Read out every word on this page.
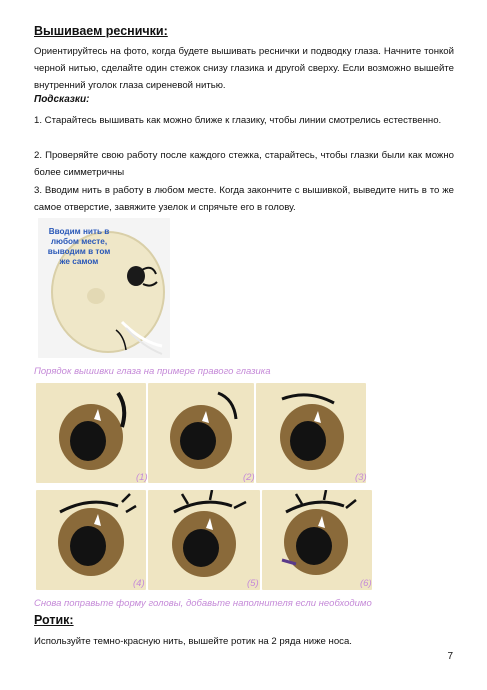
Вышиваем реснички:

Ориентируйтесь на фото, когда будете вышивать реснички и подводку глаза. Начните тонкой черной нитью, сделайте один стежок снизу глазика и другой сверху. Если возможно вышейте внутренний уголок глаза сиреневой нитью.

Подсказки:

1. Старайтесь вышивать как можно ближе к глазику, чтобы линии смотрелись естественно.

2. Проверяйте свою работу после каждого стежка, старайтесь, чтобы глазки были как можно более симметричны

3. Вводим нить в работу в любом месте. Когда закончите с вышивкой, выведите нить в то же самое отверстие, завяжите узелок и спрячьте его в голову.

Вводим нить в любом месте, выводим в том же самом
Порядок вышивки глаза на примере правого глазика
(1)	(2)	(3)
(4)	(5)	(6)
Снова поправьте форму головы, добавьте наполнителя если необходимо
Ротик:

Используйте темно-красную нить, вышейте ротик на 2 ряда ниже носа.

7
